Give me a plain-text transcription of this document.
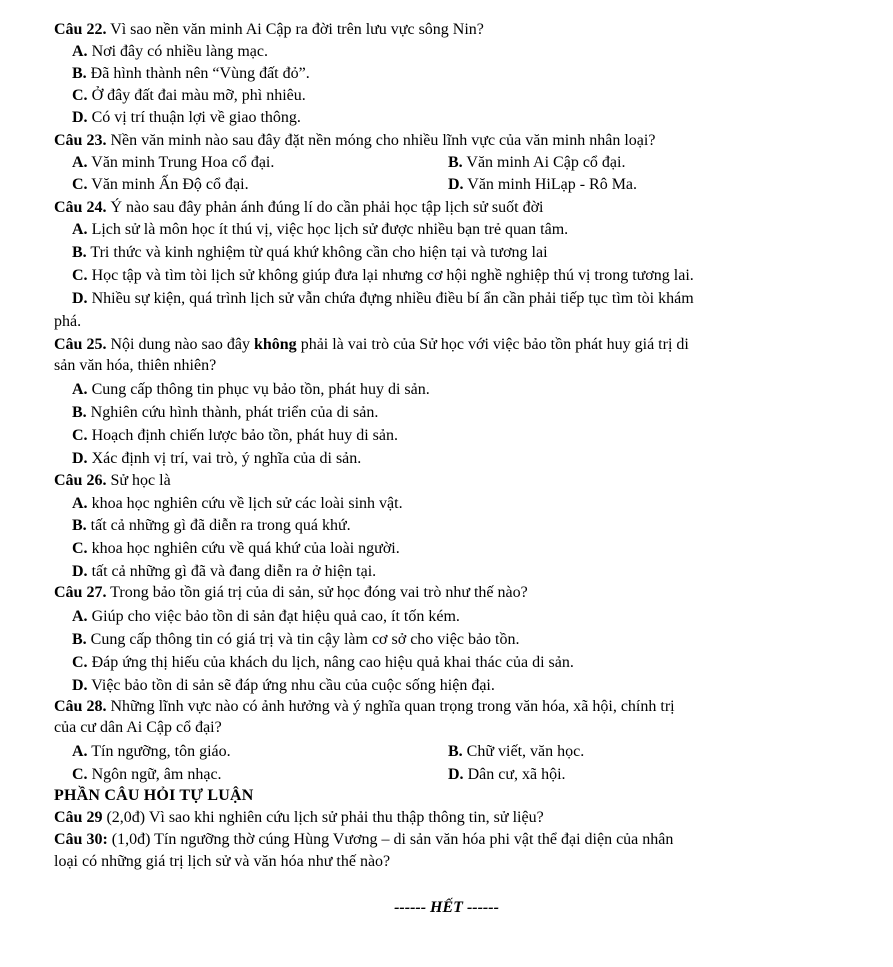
Câu 22. Vì sao nền văn minh Ai Cập ra đời trên lưu vực sông Nin?
A. Nơi đây có nhiều làng mạc.
B. Đã hình thành nên “Vùng đất đỏ”.
C. Ở đây đất đai màu mỡ, phì nhiêu.
D. Có vị trí thuận lợi về giao thông.
Câu 23. Nền văn minh nào sau đây đặt nền móng cho nhiều lĩnh vực của văn minh nhân loại?
A. Văn minh Trung Hoa cổ đại.	B. Văn minh Ai Cập cổ đại.
C. Văn minh Ấn Độ cổ đại.	D. Văn minh HiLạp - Rô Ma.
Câu 24. Ý nào sau đây phản ánh đúng lí do cần phải học tập lịch sử suốt đời
A. Lịch sử là môn học ít thú vị, việc học lịch sử được nhiều bạn trẻ quan tâm.
B. Tri thức và kinh nghiệm từ quá khứ không cần cho hiện tại và tương lai
C. Học tập và tìm tòi lịch sử không giúp đưa lại nhưng cơ hội nghề nghiệp thú vị trong tương lai.
D. Nhiều sự kiện, quá trình lịch sử vẫn chứa đựng nhiều điều bí ẩn cần phải tiếp tục tìm tòi khám
phá.
Câu 25. Nội dung nào sao đây không phải là vai trò của Sử học với việc bảo tồn phát huy giá trị di
sản văn hóa, thiên nhiên?
A. Cung cấp thông tin phục vụ bảo tồn, phát huy di sản.
B. Nghiên cứu hình thành, phát triển của di sản.
C. Hoạch định chiến lược bảo tồn, phát huy di sản.
D. Xác định vị trí, vai trò, ý nghĩa của di sản.
Câu 26. Sử học là
A. khoa học nghiên cứu về lịch sử các loài sinh vật.
B. tất cả những gì đã diễn ra trong quá khứ.
C. khoa học nghiên cứu về quá khứ của loài người.
D. tất cả những gì đã và đang diễn ra ở hiện tại.
Câu 27. Trong bảo tồn giá trị của di sản, sử học đóng vai trò như thế nào?
A. Giúp cho việc bảo tồn di sản đạt hiệu quả cao, ít tốn kém.
B. Cung cấp thông tin có giá trị và tin cậy làm cơ sở cho việc bảo tồn.
C. Đáp ứng thị hiếu của khách du lịch, nâng cao hiệu quả khai thác của di sản.
D. Việc bảo tồn di sản sẽ đáp ứng nhu cầu của cuộc sống hiện đại.
Câu 28. Những lĩnh vực nào có ảnh hưởng và ý nghĩa quan trọng trong văn hóa, xã hội, chính trị
của cư dân Ai Cập cổ đại?
A. Tín ngưỡng, tôn giáo.	B. Chữ viết, văn học.
C. Ngôn ngữ, âm nhạc.	D. Dân cư, xã hội.
PHẦN CÂU HỎI TỰ LUẬN
Câu 29 (2,0đ) Vì sao khi nghiên cứu lịch sử phải thu thập thông tin, sử liệu?
Câu 30: (1,0đ) Tín ngưỡng thờ cúng Hùng Vương – di sản văn hóa phi vật thể đại diện của nhân
loại có những giá trị lịch sử và văn hóa như thế nào?
------ HẾT ------
